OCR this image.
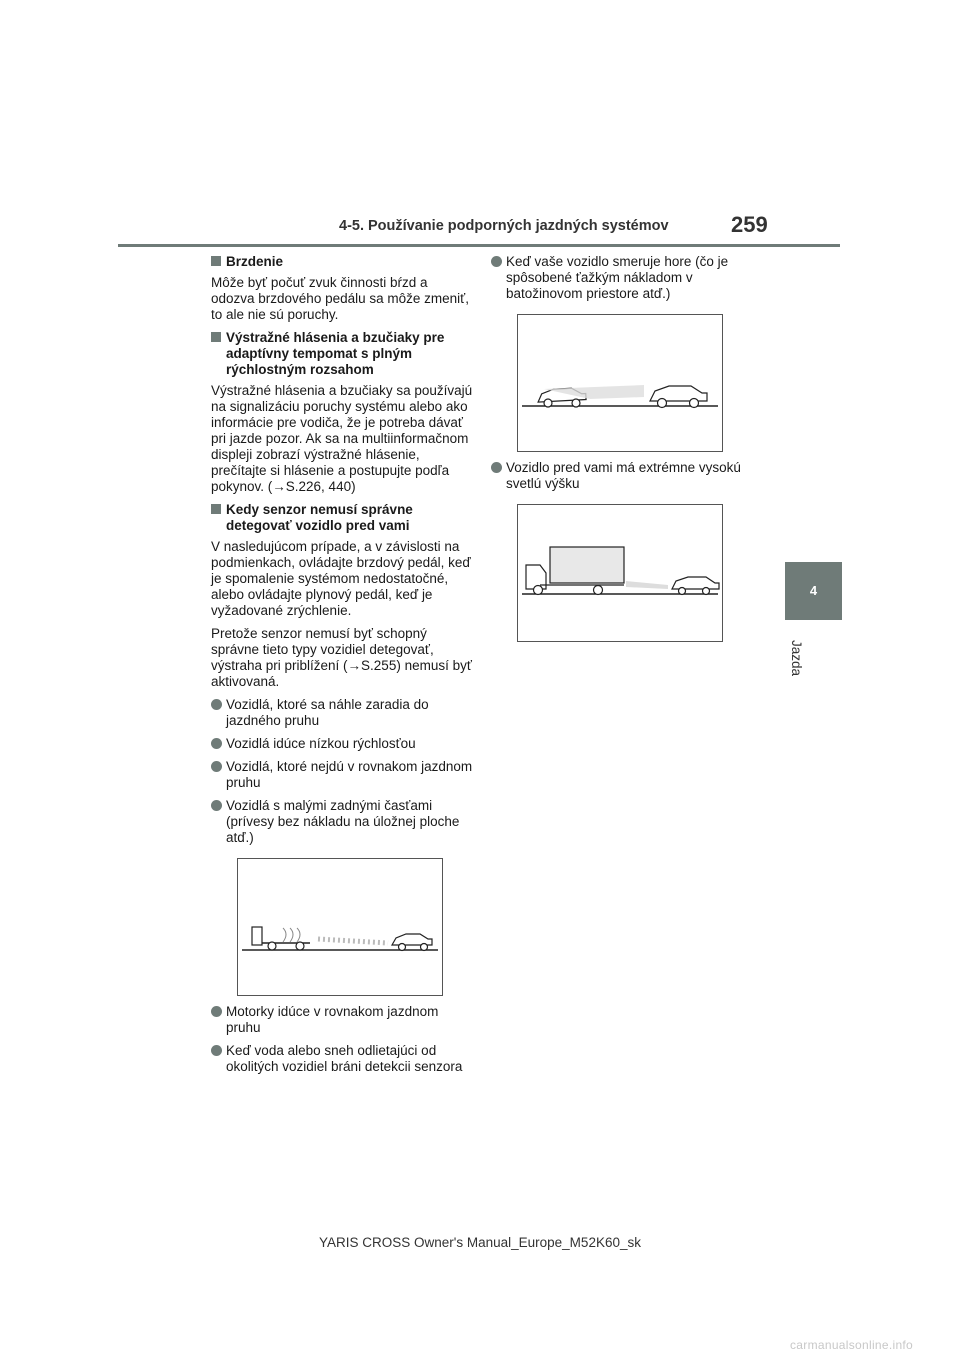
4-5. Používanie podporných jazdných systémov	259
4
Jazda
Brzdenie

Môže byť počuť zvuk činnosti bŕzd a odozva brzdového pedálu sa môže zmeniť, to ale nie sú poruchy.

Výstražné hlásenia a bzučiaky pre adaptívny tempomat s plným rýchlostným rozsahom

Výstražné hlásenia a bzučiaky sa používajú na signalizáciu poruchy systému alebo ako informácie pre vodiča, že je potreba dávať pri jazde pozor. Ak sa na multiinformačnom displeji zobrazí výstražné hlásenie, prečítajte si hlásenie a postupujte podľa pokynov. (→S.226, 440)

Kedy senzor nemusí správne detegovať vozidlo pred vami

V nasledujúcom prípade, a v závislosti na podmienkach, ovládajte brzdový pedál, keď je spomalenie systémom nedostatočné, alebo ovládajte plynový pedál, keď je vyžadované zrýchlenie.

Pretože senzor nemusí byť schopný správne tieto typy vozidiel detegovať, výstraha pri priblížení (→S.255) nemusí byť aktivovaná.

Vozidlá, ktoré sa náhle zaradia do jazdného pruhu
Vozidlá idúce nízkou rýchlosťou
Vozidlá, ktoré nejdú v rovnakom jazdnom pruhu
Vozidlá s malými zadnými časťami (prívesy bez nákladu na úložnej ploche atď.)
Motorky idúce v rovnakom jazdnom pruhu
Keď voda alebo sneh odlietajúci od okolitých vozidiel bráni detekcii senzora
Keď vaše vozidlo smeruje hore (čo je spôsobené ťažkým nákladom v batožinovom priestore atď.)
Vozidlo pred vami má extrémne vysokú svetlú výšku
YARIS CROSS Owner's Manual_Europe_M52K60_sk
carmanualsonline.info
